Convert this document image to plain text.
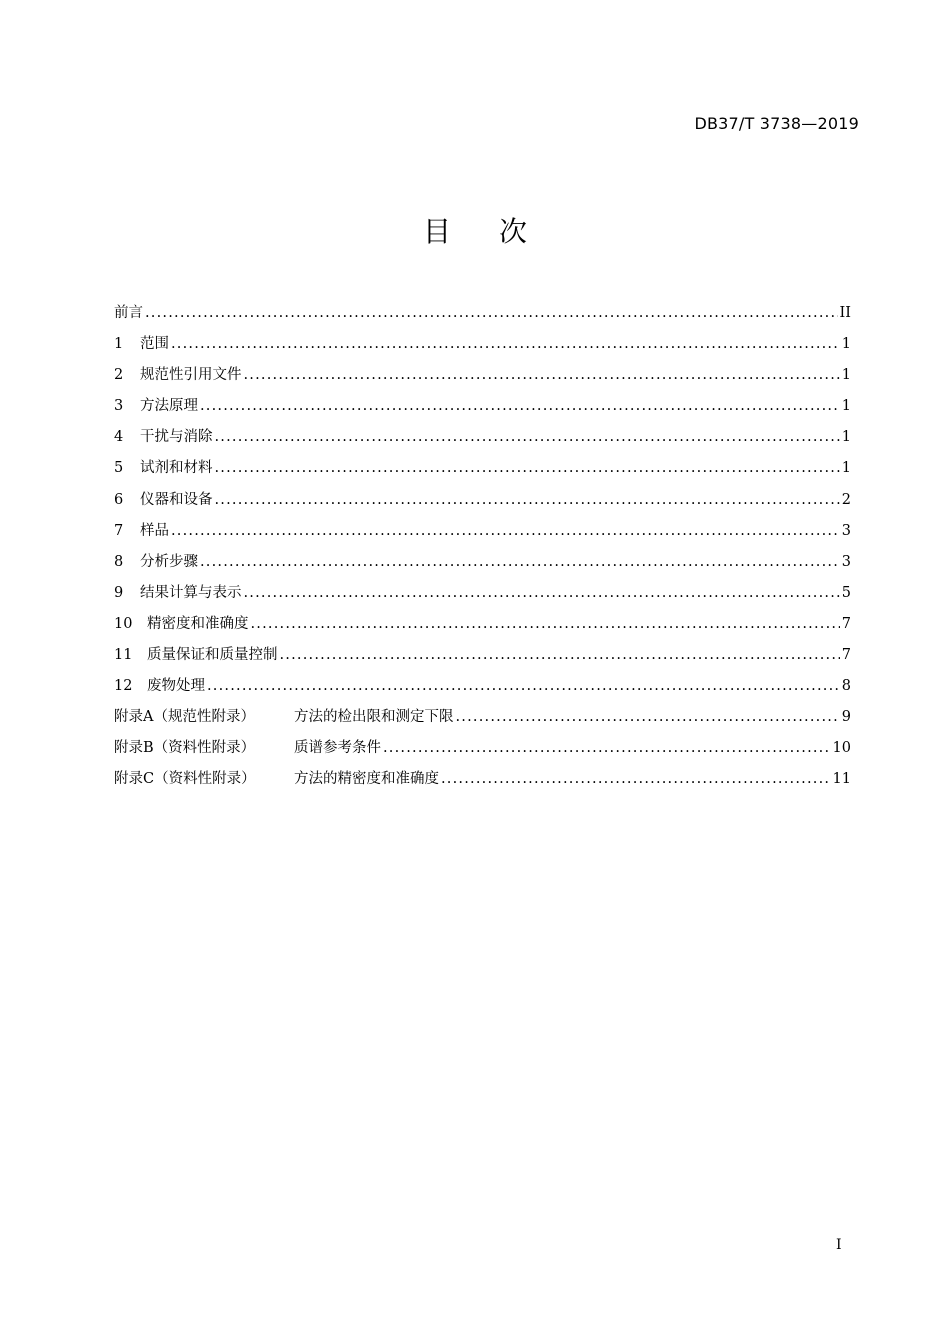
DB37/T 3738—2019
目 次
前言 .....	II
1	范围 .....	1
2	规范性引用文件 .....	1
3	方法原理 .....	1
4	干扰与消除 .....	1
5	试剂和材料 .....	1
6	仪器和设备 .....	2
7	样品 .....	3
8	分析步骤 .....	3
9	结果计算与表示 .....	5
10	精密度和准确度 .....	7
11	质量保证和质量控制 .....	7
12	废物处理 .....	8
附录A（规范性附录）	方法的检出限和测定下限 .....	9
附录B（资料性附录）	质谱参考条件 .....	10
附录C（资料性附录）	方法的精密度和准确度 .....	11
I
